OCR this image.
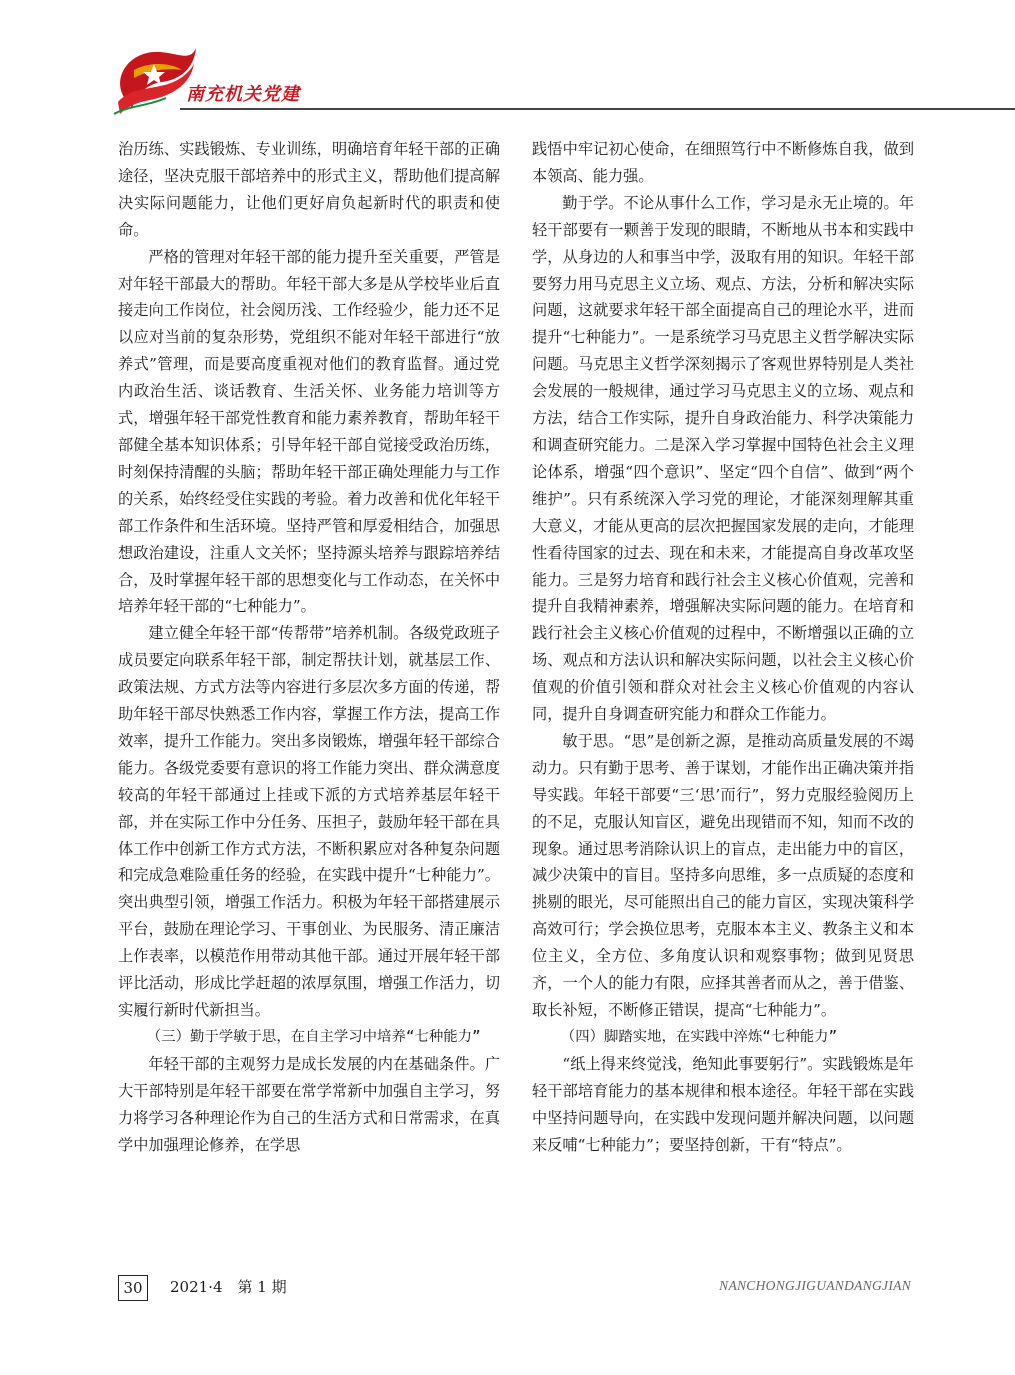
南充机关党建

治历练、实践锻炼、专业训练，明确培育年轻干部的正确途径，坚决克服干部培养中的形式主义，帮助他们提高解决实际问题能力，让他们更好肩负起新时代的职责和使命。

严格的管理对年轻干部的能力提升至关重要，严管是对年轻干部最大的帮助。年轻干部大多是从学校毕业后直接走向工作岗位，社会阅历浅、工作经验少，能力还不足以应对当前的复杂形势，党组织不能对年轻干部进行“放养式”管理，而是要高度重视对他们的教育监督。通过党内政治生活、谈话教育、生活关怀、业务能力培训等方式，增强年轻干部党性教育和能力素养教育，帮助年轻干部健全基本知识体系；引导年轻干部自觉接受政治历练，时刻保持清醒的头脑；帮助年轻干部正确处理能力与工作的关系，始终经受住实践的考验。着力改善和优化年轻干部工作条件和生活环境。坚持严管和厚爱相结合，加强思想政治建设，注重人文关怀；坚持源头培养与跟踪培养结合，及时掌握年轻干部的思想变化与工作动态，在关怀中培养年轻干部的“七种能力”。

建立健全年轻干部“传帮带”培养机制。各级党政班子成员要定向联系年轻干部，制定帮扶计划，就基层工作、政策法规、方式方法等内容进行多层次多方面的传递，帮助年轻干部尽快熟悉工作内容，掌握工作方法，提高工作效率，提升工作能力。突出多岗锻炼，增强年轻干部综合能力。各级党委要有意识的将工作能力突出、群众满意度较高的年轻干部通过上挂或下派的方式培养基层年轻干部，并在实际工作中分任务、压担子，鼓励年轻干部在具体工作中创新工作方式方法，不断积累应对各种复杂问题和完成急难险重任务的经验，在实践中提升“七种能力”。突出典型引领，增强工作活力。积极为年轻干部搭建展示平台，鼓励在理论学习、干事创业、为民服务、清正廉洁上作表率，以模范作用带动其他干部。通过开展年轻干部评比活动，形成比学赶超的浓厚氛围，增强工作活力，切实履行新时代新担当。

（三）勤于学敏于思，在自主学习中培养“七种能力”

年轻干部的主观努力是成长发展的内在基础条件。广大干部特别是年轻干部要在常学常新中加强自主学习，努力将学习各种理论作为自己的生活方式和日常需求，在真学中加强理论修养，在学思

践悟中牢记初心使命，在细照笃行中不断修炼自我，做到本领高、能力强。

勤于学。不论从事什么工作，学习是永无止境的。年轻干部要有一颗善于发现的眼睛，不断地从书本和实践中学，从身边的人和事当中学，汲取有用的知识。年轻干部要努力用马克思主义立场、观点、方法，分析和解决实际问题，这就要求年轻干部全面提高自己的理论水平，进而提升“七种能力”。一是系统学习马克思主义哲学解决实际问题。马克思主义哲学深刻揭示了客观世界特别是人类社会发展的一般规律，通过学习马克思主义的立场、观点和方法，结合工作实际，提升自身政治能力、科学决策能力和调查研究能力。二是深入学习掌握中国特色社会主义理论体系，增强“四个意识”、坚定“四个自信”、做到“两个维护”。只有系统深入学习党的理论，才能深刻理解其重大意义，才能从更高的层次把握国家发展的走向，才能理性看待国家的过去、现在和未来，才能提高自身改革攻坚能力。三是努力培育和践行社会主义核心价值观，完善和提升自我精神素养，增强解决实际问题的能力。在培育和践行社会主义核心价值观的过程中，不断增强以正确的立场、观点和方法认识和解决实际问题，以社会主义核心价值观的价值引领和群众对社会主义核心价值观的内容认同，提升自身调查研究能力和群众工作能力。

敏于思。“思”是创新之源，是推动高质量发展的不竭动力。只有勤于思考、善于谋划，才能作出正确决策并指导实践。年轻干部要“三‘思’而行”，努力克服经验阅历上的不足，克服认知盲区，避免出现错而不知，知而不改的现象。通过思考消除认识上的盲点，走出能力中的盲区，减少决策中的盲目。坚持多向思维，多一点质疑的态度和挑剔的眼光，尽可能照出自己的能力盲区，实现决策科学高效可行；学会换位思考，克服本本主义、教条主义和本位主义，全方位、多角度认识和观察事物；做到见贤思齐，一个人的能力有限，应择其善者而从之，善于借鉴、取长补短，不断修正错误，提高“七种能力”。

（四）脚踏实地，在实践中淬炼“七种能力”

“纸上得来终觉浅，绝知此事要躬行”。实践锻炼是年轻干部培育能力的基本规律和根本途径。年轻干部在实践中坚持问题导向，在实践中发现问题并解决问题，以问题来反哺“七种能力”；要坚持创新，干有“特点”。

30	2021·4　第 1 期	NANCHONGJIGUANDANGJIAN
